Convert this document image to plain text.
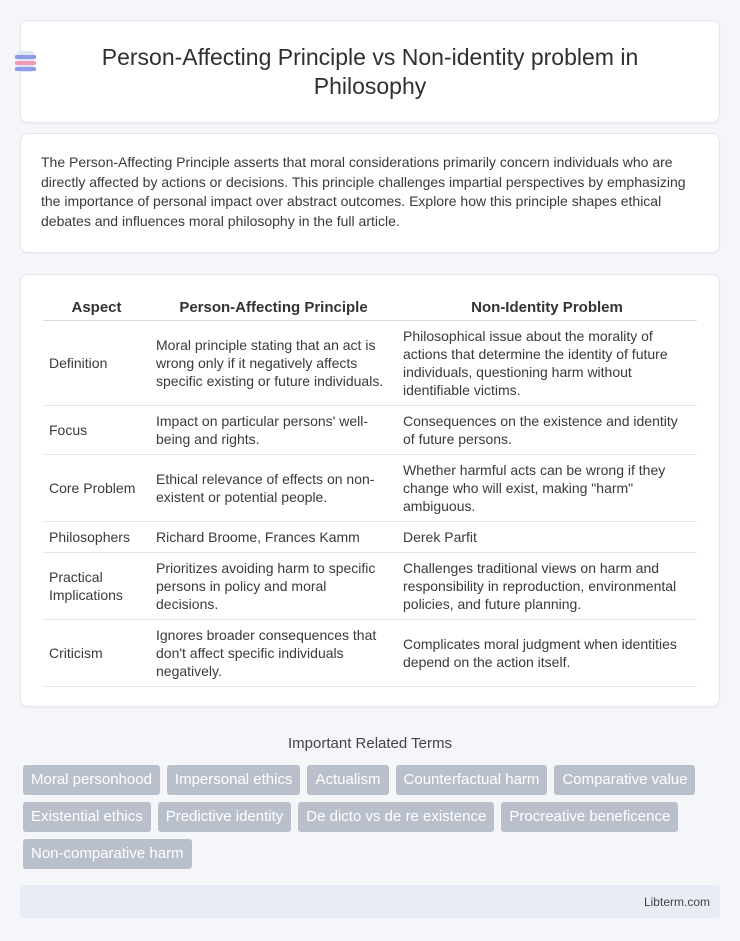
Person-Affecting Principle vs Non-identity problem in Philosophy

The Person-Affecting Principle asserts that moral considerations primarily concern individuals who are directly affected by actions or decisions. This principle challenges impartial perspectives by emphasizing the importance of personal impact over abstract outcomes. Explore how this principle shapes ethical debates and influences moral philosophy in the full article.

Aspect	Person-Affecting Principle	Non-Identity Problem
Definition	Moral principle stating that an act is wrong only if it negatively affects specific existing or future individuals.	Philosophical issue about the morality of actions that determine the identity of future individuals, questioning harm without identifiable victims.
Focus	Impact on particular persons' well-being and rights.	Consequences on the existence and identity of future persons.
Core Problem	Ethical relevance of effects on non-existent or potential people.	Whether harmful acts can be wrong if they change who will exist, making "harm" ambiguous.
Philosophers	Richard Broome, Frances Kamm	Derek Parfit
Practical Implications	Prioritizes avoiding harm to specific persons in policy and moral decisions.	Challenges traditional views on harm and responsibility in reproduction, environmental policies, and future planning.
Criticism	Ignores broader consequences that don't affect specific individuals negatively.	Complicates moral judgment when identities depend on the action itself.
Important Related Terms
Moral personhood	Impersonal ethics	Actualism	Counterfactual harm	Comparative value
Existential ethics	Predictive identity	De dicto vs de re existence	Procreative beneficence
Non-comparative harm
Libterm.com
